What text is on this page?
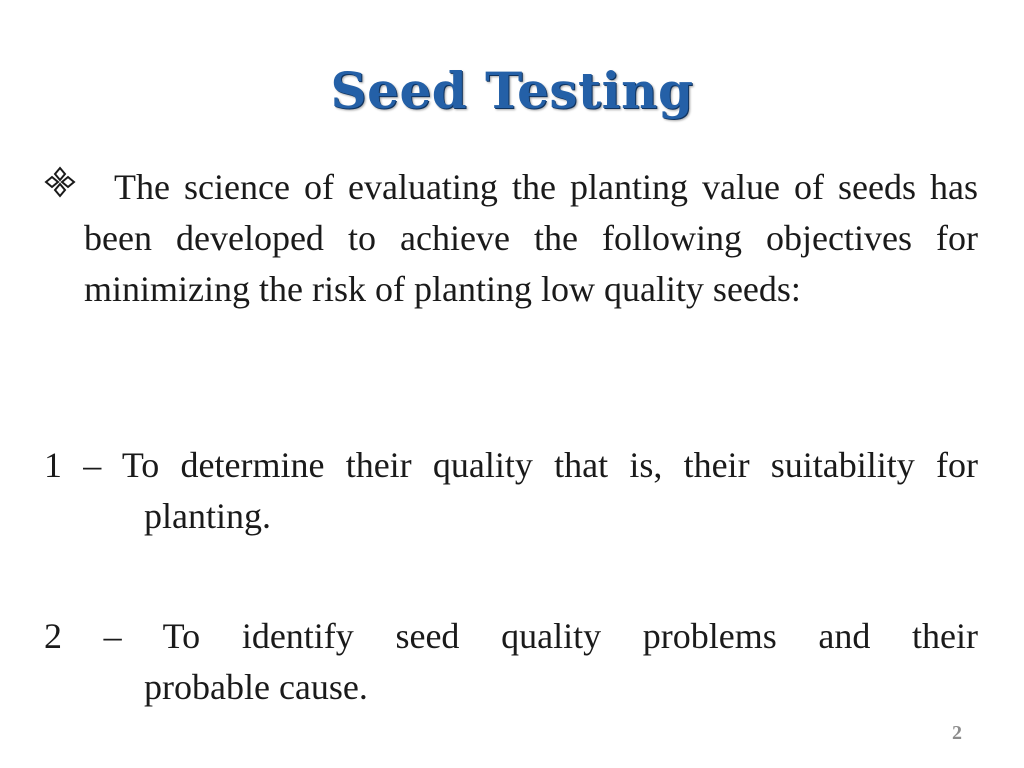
Seed Testing
The science of evaluating the planting value of seeds has been developed to achieve the following objectives for minimizing the risk of planting low quality seeds:
1 – To determine their quality that is, their suitability for planting.
2 – To identify seed quality problems and their
probable cause.
2
